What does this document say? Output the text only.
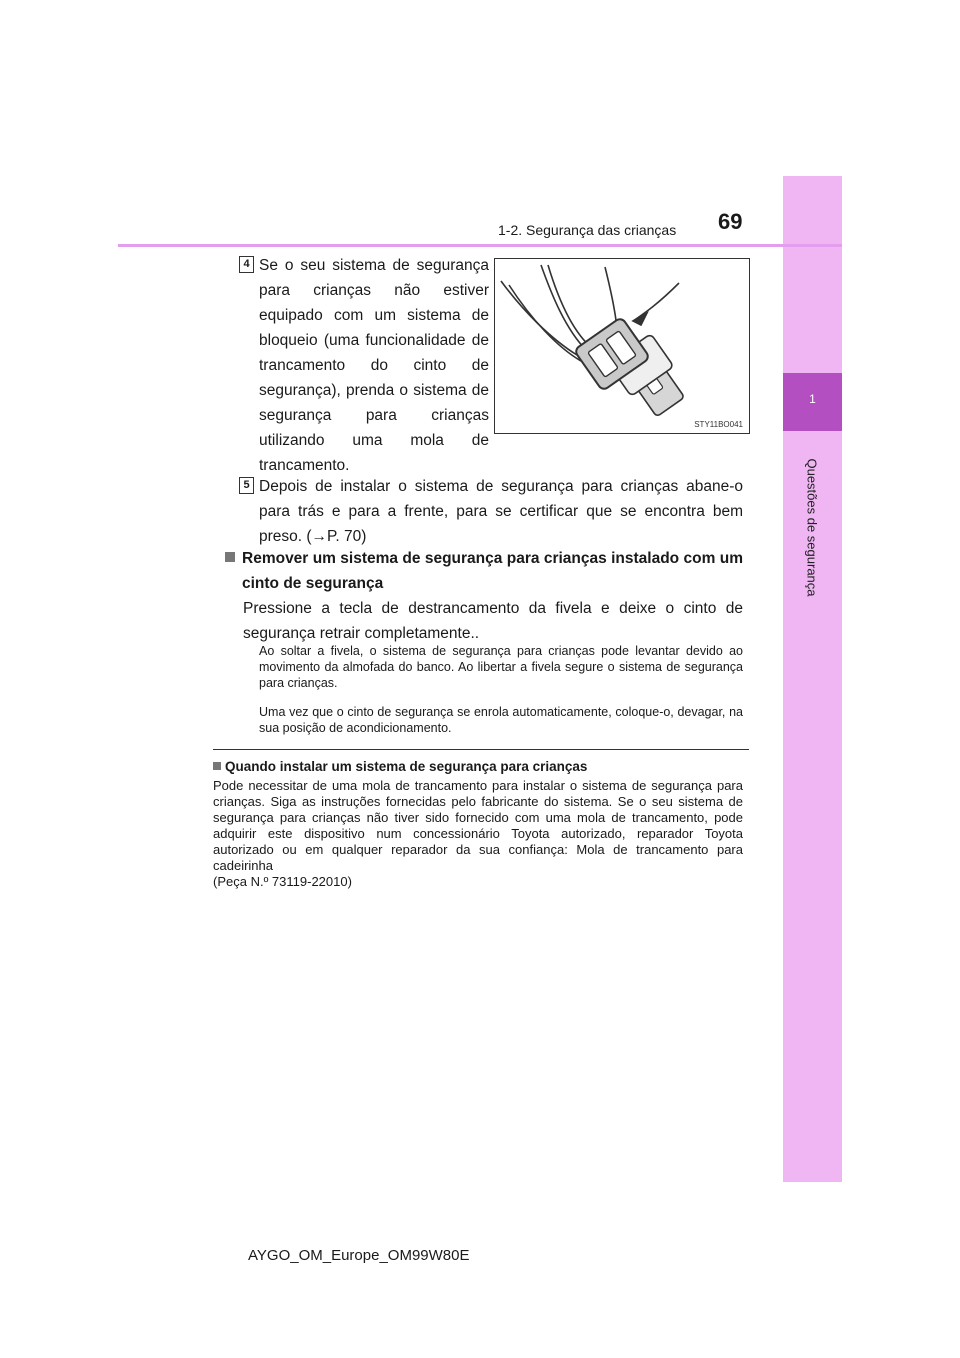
1
Questões de segurança
1-2. Segurança das crianças 69
4 Se o seu sistema de segurança para crianças não estiver equipado com um sistema de bloqueio (uma funcionalidade de trancamento do cinto de segurança), prenda o sistema de segurança para crianças utilizando uma mola de trancamento.
STY11BO041
5 Depois de instalar o sistema de segurança para crianças abane-o para trás e para a frente, para se certificar que se encontra bem preso. (→P. 70)
Remover um sistema de segurança para crianças instalado com um cinto de segurança
Pressione a tecla de destrancamento da fivela e deixe o cinto de segurança retrair completamente..
Ao soltar a fivela, o sistema de segurança para crianças pode levantar devido ao movimento da almofada do banco. Ao libertar a fivela segure o sistema de segurança para crianças.
Uma vez que o cinto de segurança se enrola automaticamente, coloque-o, devagar, na sua posição de acondicionamento.
Quando instalar um sistema de segurança para crianças
Pode necessitar de uma mola de trancamento para instalar o sistema de segurança para crianças. Siga as instruções fornecidas pelo fabricante do sistema. Se o seu sistema de segurança para crianças não tiver sido fornecido com uma mola de trancamento, pode adquirir este dispositivo num concessionário Toyota autorizado, reparador Toyota autorizado ou em qualquer reparador da sua confiança: Mola de trancamento para cadeirinha
(Peça N.º 73119-22010)
AYGO_OM_Europe_OM99W80E
